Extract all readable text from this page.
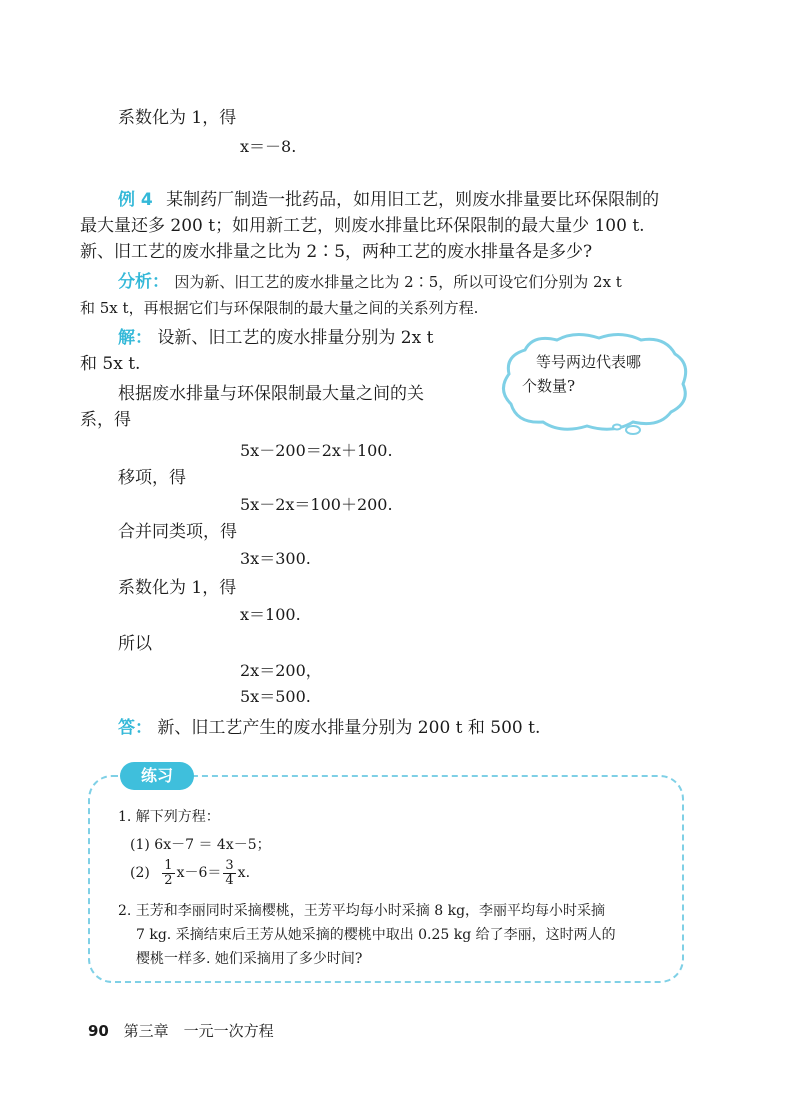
系数化为 1，得
x＝－8.
例 4 某制药厂制造一批药品，如用旧工艺，则废水排量要比环保限制的
最大量还多 200 t；如用新工艺，则废水排量比环保限制的最大量少 100 t.
新、旧工艺的废水排量之比为 2∶5，两种工艺的废水排量各是多少?
分析： 因为新、旧工艺的废水排量之比为 2∶5，所以可设它们分别为 2x t
和 5x t，再根据它们与环保限制的最大量之间的关系列方程.
解： 设新、旧工艺的废水排量分别为 2x t
和 5x t.
根据废水排量与环保限制最大量之间的关
系，得
5x－200＝2x＋100.
移项，得
5x－2x＝100＋200.
合并同类项，得
3x＝300.
系数化为 1，得
x＝100.
所以
2x＝200，
5x＝500.
答： 新、旧工艺产生的废水排量分别为 200 t 和 500 t.
等号两边代表哪
个数量?
练习
1. 解下列方程：
(1) 6x－7 ＝ 4x－5；
$(2) \frac{1}{2} x-6= \frac{3}{4} x$.
2. 王芳和李丽同时采摘樱桃，王芳平均每小时采摘 8 kg，李丽平均每小时采摘
7 kg. 采摘结束后王芳从她采摘的樱桃中取出 0.25 kg 给了李丽，这时两人的
樱桃一样多. 她们采摘用了多少时间?
90 第三章　一元一次方程
